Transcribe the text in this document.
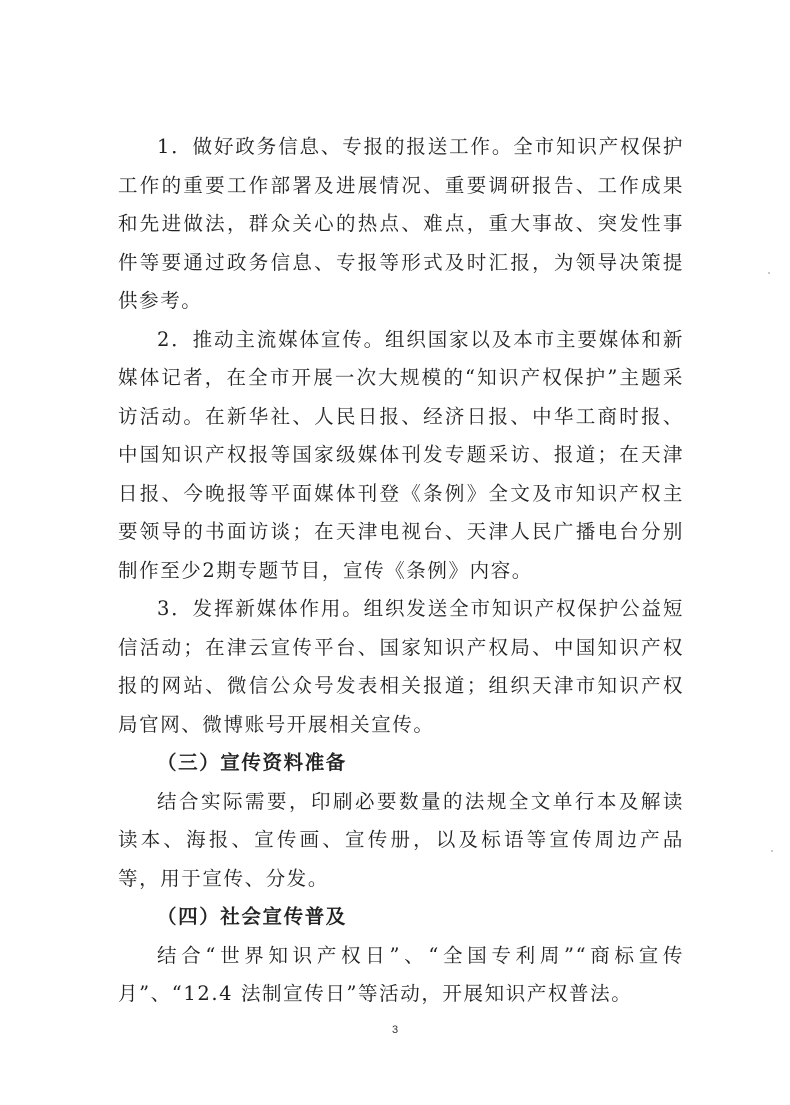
1．做好政务信息、专报的报送工作。全市知识产权保护工作的重要工作部署及进展情况、重要调研报告、工作成果和先进做法，群众关心的热点、难点，重大事故、突发性事件等要通过政务信息、专报等形式及时汇报，为领导决策提供参考。

2．推动主流媒体宣传。组织国家以及本市主要媒体和新媒体记者，在全市开展一次大规模的“知识产权保护”主题采访活动。在新华社、人民日报、经济日报、中华工商时报、中国知识产权报等国家级媒体刊发专题采访、报道；在天津日报、今晚报等平面媒体刊登《条例》全文及市知识产权主要领导的书面访谈；在天津电视台、天津人民广播电台分别制作至少2期专题节目，宣传《条例》内容。

3．发挥新媒体作用。组织发送全市知识产权保护公益短信活动；在津云宣传平台、国家知识产权局、中国知识产权报的网站、微信公众号发表相关报道；组织天津市知识产权局官网、微博账号开展相关宣传。

（三）宣传资料准备

结合实际需要，印刷必要数量的法规全文单行本及解读读本、海报、宣传画、宣传册，以及标语等宣传周边产品等，用于宣传、分发。

（四）社会宣传普及

结合“世界知识产权日”、“全国专利周”“商标宣传月”、“12.4 法制宣传日”等活动，开展知识产权普法。

3
